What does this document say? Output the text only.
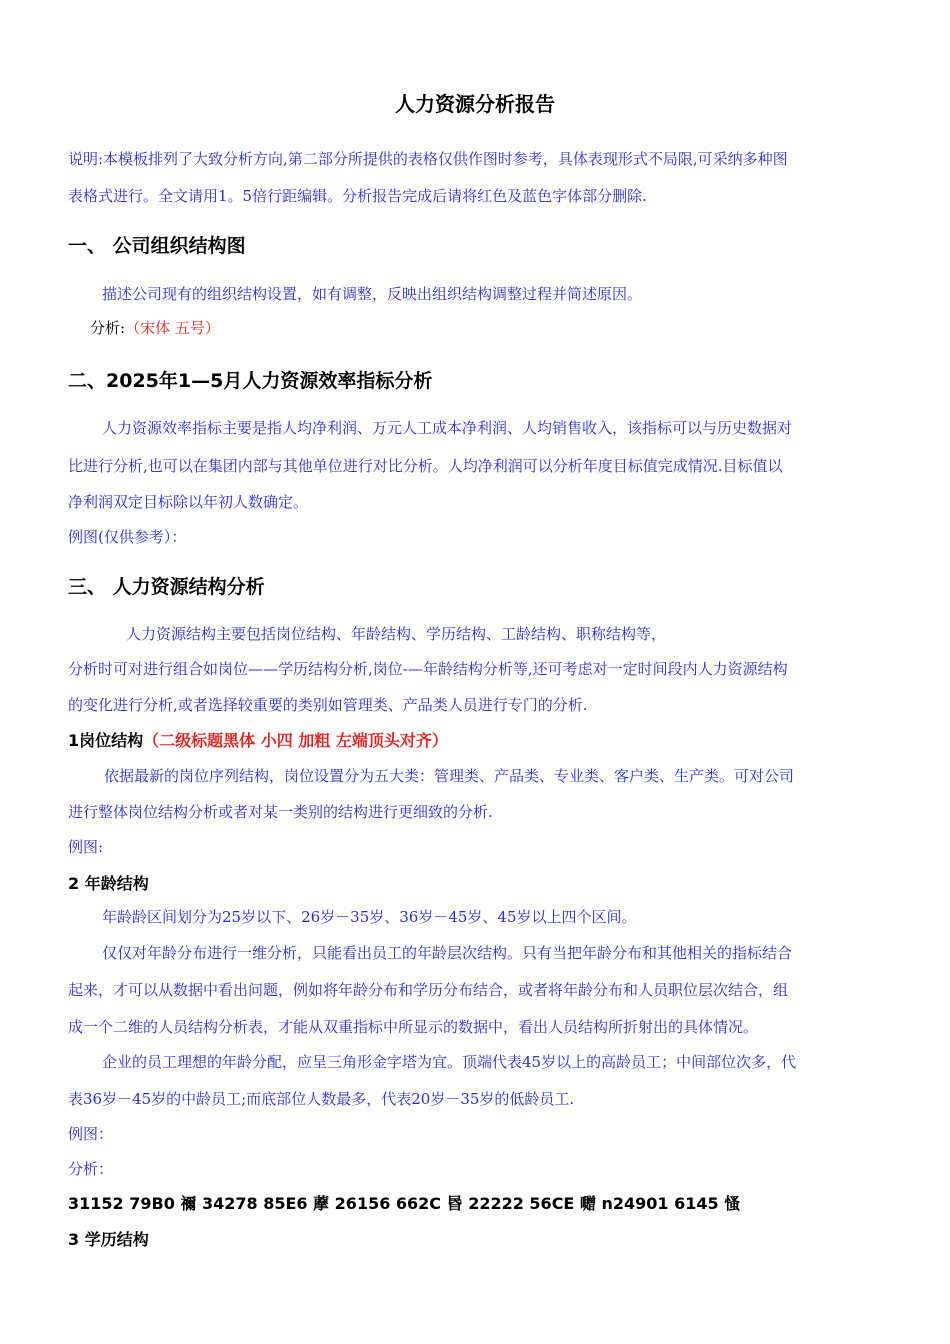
人力资源分析报告
说明:本模板排列了大致分析方向,第二部分所提供的表格仅供作图时参考，具体表现形式不局限,可采纳多种图
表格式进行。全文请用1。5倍行距编辑。分析报告完成后请将红色及蓝色字体部分删除.
一、 公司组织结构图
描述公司现有的组织结构设置，如有调整，反映出组织结构调整过程并简述原因。
分析:（宋体 五号）
二、2025年1—5月人力资源效率指标分析
人力资源效率指标主要是指人均净利润、万元人工成本净利润、人均销售收入，该指标可以与历史数据对
比进行分析,也可以在集团内部与其他单位进行对比分析。人均净利润可以分析年度目标值完成情况.目标值以
净利润双定目标除以年初人数确定。
例图(仅供参考）：
三、 人力资源结构分析
人力资源结构主要包括岗位结构、年龄结构、学历结构、工龄结构、职称结构等，
分析时可对进行组合如岗位——学历结构分析,岗位-—年龄结构分析等,还可考虑对一定时间段内人力资源结构
的变化进行分析,或者选择较重要的类别如管理类、产品类人员进行专门的分析.
1岗位结构（二级标题黑体 小四 加粗 左端顶头对齐）
依据最新的岗位序列结构，岗位设置分为五大类：管理类、产品类、专业类、客户类、生产类。可对公司
进行整体岗位结构分析或者对某一类别的结构进行更细致的分析.
例图:
2 年龄结构
年龄龄区间划分为25岁以下、26岁－35岁、36岁－45岁、45岁以上四个区间。
仅仅对年龄分布进行一维分析，只能看出员工的年龄层次结构。只有当把年龄分布和其他相关的指标结合
起来，才可以从数据中看出问题，例如将年龄分布和学历分布结合，或者将年龄分布和人员职位层次结合，组
成一个二维的人员结构分析表，才能从双重指标中所显示的数据中，看出人员结构所折射出的具体情况。
企业的员工理想的年龄分配，应呈三角形金字塔为宜。顶端代表45岁以上的高龄员工；中间部位次多，代
表36岁－45岁的中龄员工;而底部位人数最多，代表20岁－35岁的低龄员工.
例图：
分析：
31152 79B0 禰 34278 85E6 藦 26156 662C 昬 22222 56CE 囎 n24901 6145 慅
3 学历结构
